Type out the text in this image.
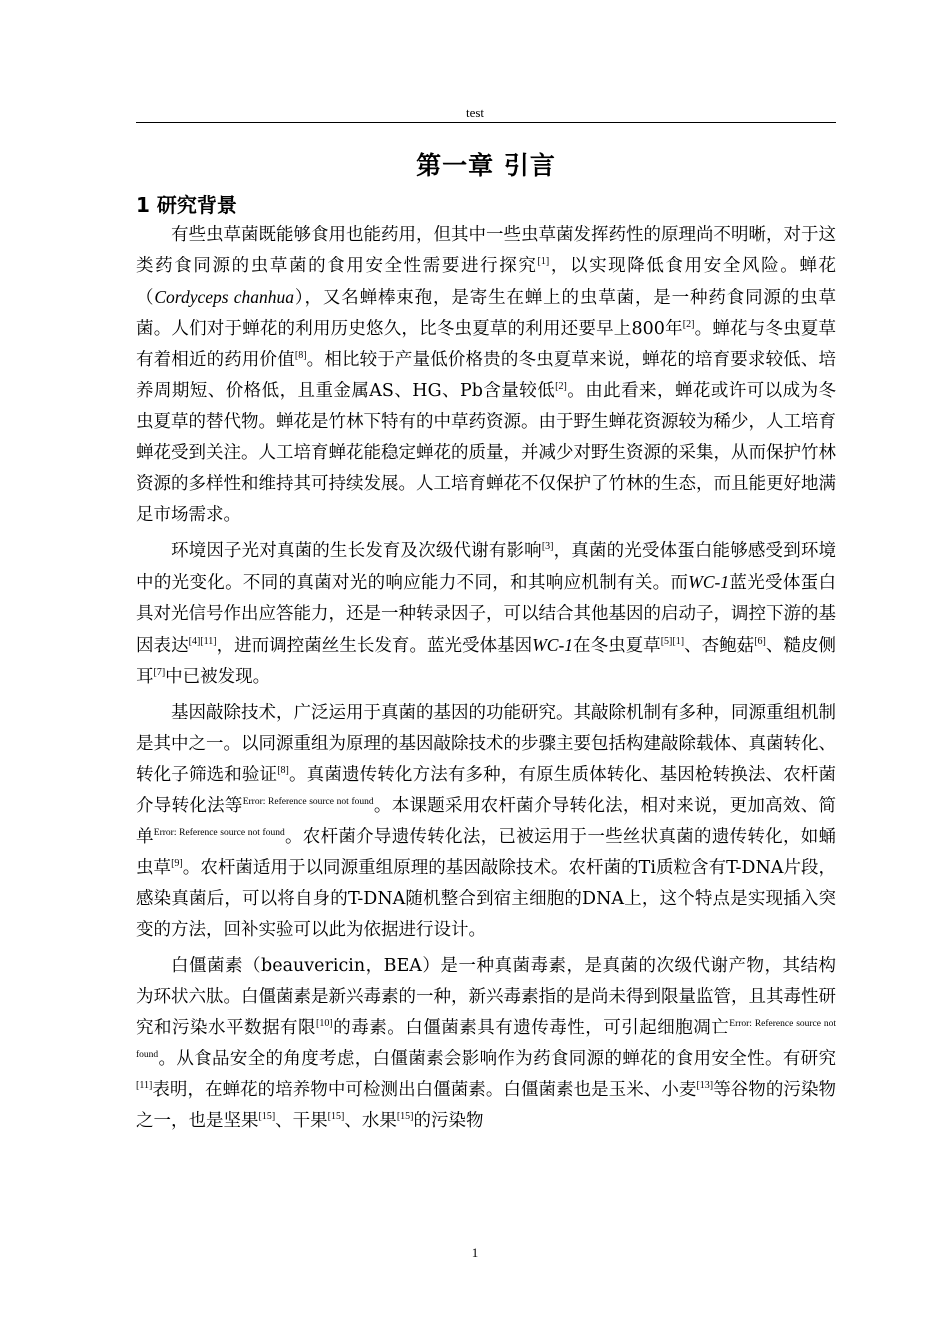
test
第一章 引言
1 研究背景

有些虫草菌既能够食用也能药用，但其中一些虫草菌发挥药性的原理尚不明晰，对于这类药食同源的虫草菌的食用安全性需要进行探究[1]，以实现降低食用安全风险。蝉花（Cordyceps chanhua），又名蝉棒束孢，是寄生在蝉上的虫草菌，是一种药食同源的虫草菌。人们对于蝉花的利用历史悠久，比冬虫夏草的利用还要早上800年[2]。蝉花与冬虫夏草有着相近的药用价值[8]。相比较于产量低价格贵的冬虫夏草来说，蝉花的培育要求较低、培养周期短、价格低，且重金属AS、HG、Pb含量较低[2]。由此看来，蝉花或许可以成为冬虫夏草的替代物。蝉花是竹林下特有的中草药资源。由于野生蝉花资源较为稀少，人工培育蝉花受到关注。人工培育蝉花能稳定蝉花的质量，并减少对野生资源的采集，从而保护竹林资源的多样性和维持其可持续发展。人工培育蝉花不仅保护了竹林的生态，而且能更好地满足市场需求。

环境因子光对真菌的生长发育及次级代谢有影响[3]，真菌的光受体蛋白能够感受到环境中的光变化。不同的真菌对光的响应能力不同，和其响应机制有关。而WC-1蓝光受体蛋白具对光信号作出应答能力，还是一种转录因子，可以结合其他基因的启动子，调控下游的基因表达[4][11]，进而调控菌丝生长发育。蓝光受体基因WC-1在冬虫夏草[5][1]、杏鲍菇[6]、糙皮侧耳[7]中已被发现。

基因敲除技术，广泛运用于真菌的基因的功能研究。其敲除机制有多种，同源重组机制是其中之一。以同源重组为原理的基因敲除技术的步骤主要包括构建敲除载体、真菌转化、转化子筛选和验证[8]。真菌遗传转化方法有多种，有原生质体转化、基因枪转换法、农杆菌介导转化法等$^{Error: Reference source not found}$。本课题采用农杆菌介导转化法，相对来说，更加高效、简单$^{Error: Reference source not found}$。农杆菌介导遗传转化法，已被运用于一些丝状真菌的遗传转化，如蛹虫草[9]。农杆菌适用于以同源重组原理的基因敲除技术。农杆菌的Ti质粒含有T-DNA片段，感染真菌后，可以将自身的T-DNA随机整合到宿主细胞的DNA上，这个特点是实现插入突变的方法，回补实验可以此为依据进行设计。

白僵菌素（beauvericin，BEA）是一种真菌毒素，是真菌的次级代谢产物，其结构为环状六肽。白僵菌素是新兴毒素的一种，新兴毒素指的是尚未得到限量监管，且其毒性研究和污染水平数据有限[10]的毒素。白僵菌素具有遗传毒性，可引起细胞凋亡$^{Error: Reference source not found}$。从食品安全的角度考虑，白僵菌素会影响作为药食同源的蝉花的食用安全性。有研究[11]表明，在蝉花的培养物中可检测出白僵菌素。白僵菌素也是玉米、小麦[13]等谷物的污染物之一，也是坚果[15]、干果[15]、水果[15]的污染物

1
